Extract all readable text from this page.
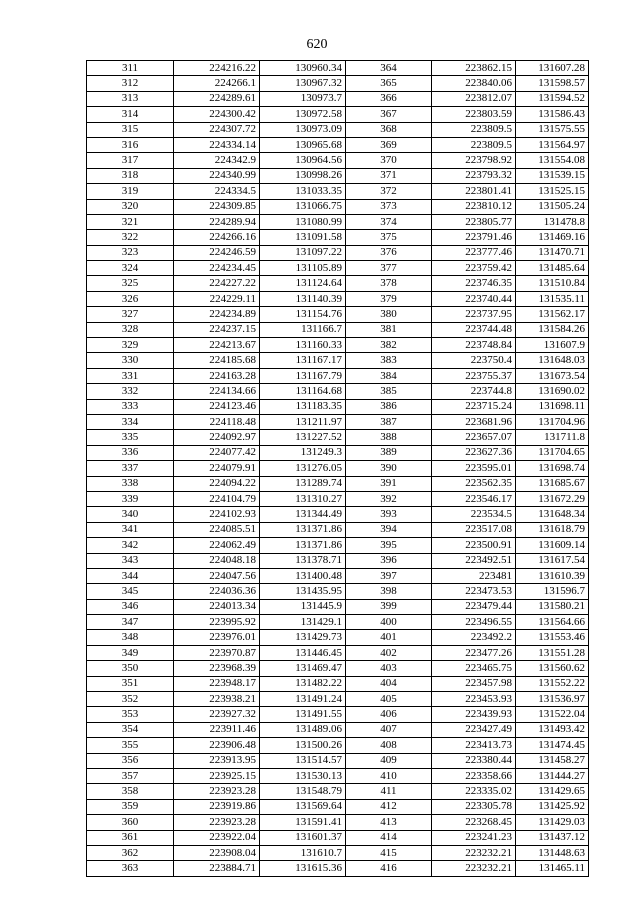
620
311	224216.22	130960.34	364	223862.15	131607.28
312	224266.1	130967.32	365	223840.06	131598.57
313	224289.61	130973.7	366	223812.07	131594.52
314	224300.42	130972.58	367	223803.59	131586.43
315	224307.72	130973.09	368	223809.5	131575.55
316	224334.14	130965.68	369	223809.5	131564.97
317	224342.9	130964.56	370	223798.92	131554.08
318	224340.99	130998.26	371	223793.32	131539.15
319	224334.5	131033.35	372	223801.41	131525.15
320	224309.85	131066.75	373	223810.12	131505.24
321	224289.94	131080.99	374	223805.77	131478.8
322	224266.16	131091.58	375	223791.46	131469.16
323	224246.59	131097.22	376	223777.46	131470.71
324	224234.45	131105.89	377	223759.42	131485.64
325	224227.22	131124.64	378	223746.35	131510.84
326	224229.11	131140.39	379	223740.44	131535.11
327	224234.89	131154.76	380	223737.95	131562.17
328	224237.15	131166.7	381	223744.48	131584.26
329	224213.67	131160.33	382	223748.84	131607.9
330	224185.68	131167.17	383	223750.4	131648.03
331	224163.28	131167.79	384	223755.37	131673.54
332	224134.66	131164.68	385	223744.8	131690.02
333	224123.46	131183.35	386	223715.24	131698.11
334	224118.48	131211.97	387	223681.96	131704.96
335	224092.97	131227.52	388	223657.07	131711.8
336	224077.42	131249.3	389	223627.36	131704.65
337	224079.91	131276.05	390	223595.01	131698.74
338	224094.22	131289.74	391	223562.35	131685.67
339	224104.79	131310.27	392	223546.17	131672.29
340	224102.93	131344.49	393	223534.5	131648.34
341	224085.51	131371.86	394	223517.08	131618.79
342	224062.49	131371.86	395	223500.91	131609.14
343	224048.18	131378.71	396	223492.51	131617.54
344	224047.56	131400.48	397	223481	131610.39
345	224036.36	131435.95	398	223473.53	131596.7
346	224013.34	131445.9	399	223479.44	131580.21
347	223995.92	131429.1	400	223496.55	131564.66
348	223976.01	131429.73	401	223492.2	131553.46
349	223970.87	131446.45	402	223477.26	131551.28
350	223968.39	131469.47	403	223465.75	131560.62
351	223948.17	131482.22	404	223457.98	131552.22
352	223938.21	131491.24	405	223453.93	131536.97
353	223927.32	131491.55	406	223439.93	131522.04
354	223911.46	131489.06	407	223427.49	131493.42
355	223906.48	131500.26	408	223413.73	131474.45
356	223913.95	131514.57	409	223380.44	131458.27
357	223925.15	131530.13	410	223358.66	131444.27
358	223923.28	131548.79	411	223335.02	131429.65
359	223919.86	131569.64	412	223305.78	131425.92
360	223923.28	131591.41	413	223268.45	131429.03
361	223922.04	131601.37	414	223241.23	131437.12
362	223908.04	131610.7	415	223232.21	131448.63
363	223884.71	131615.36	416	223232.21	131465.11
